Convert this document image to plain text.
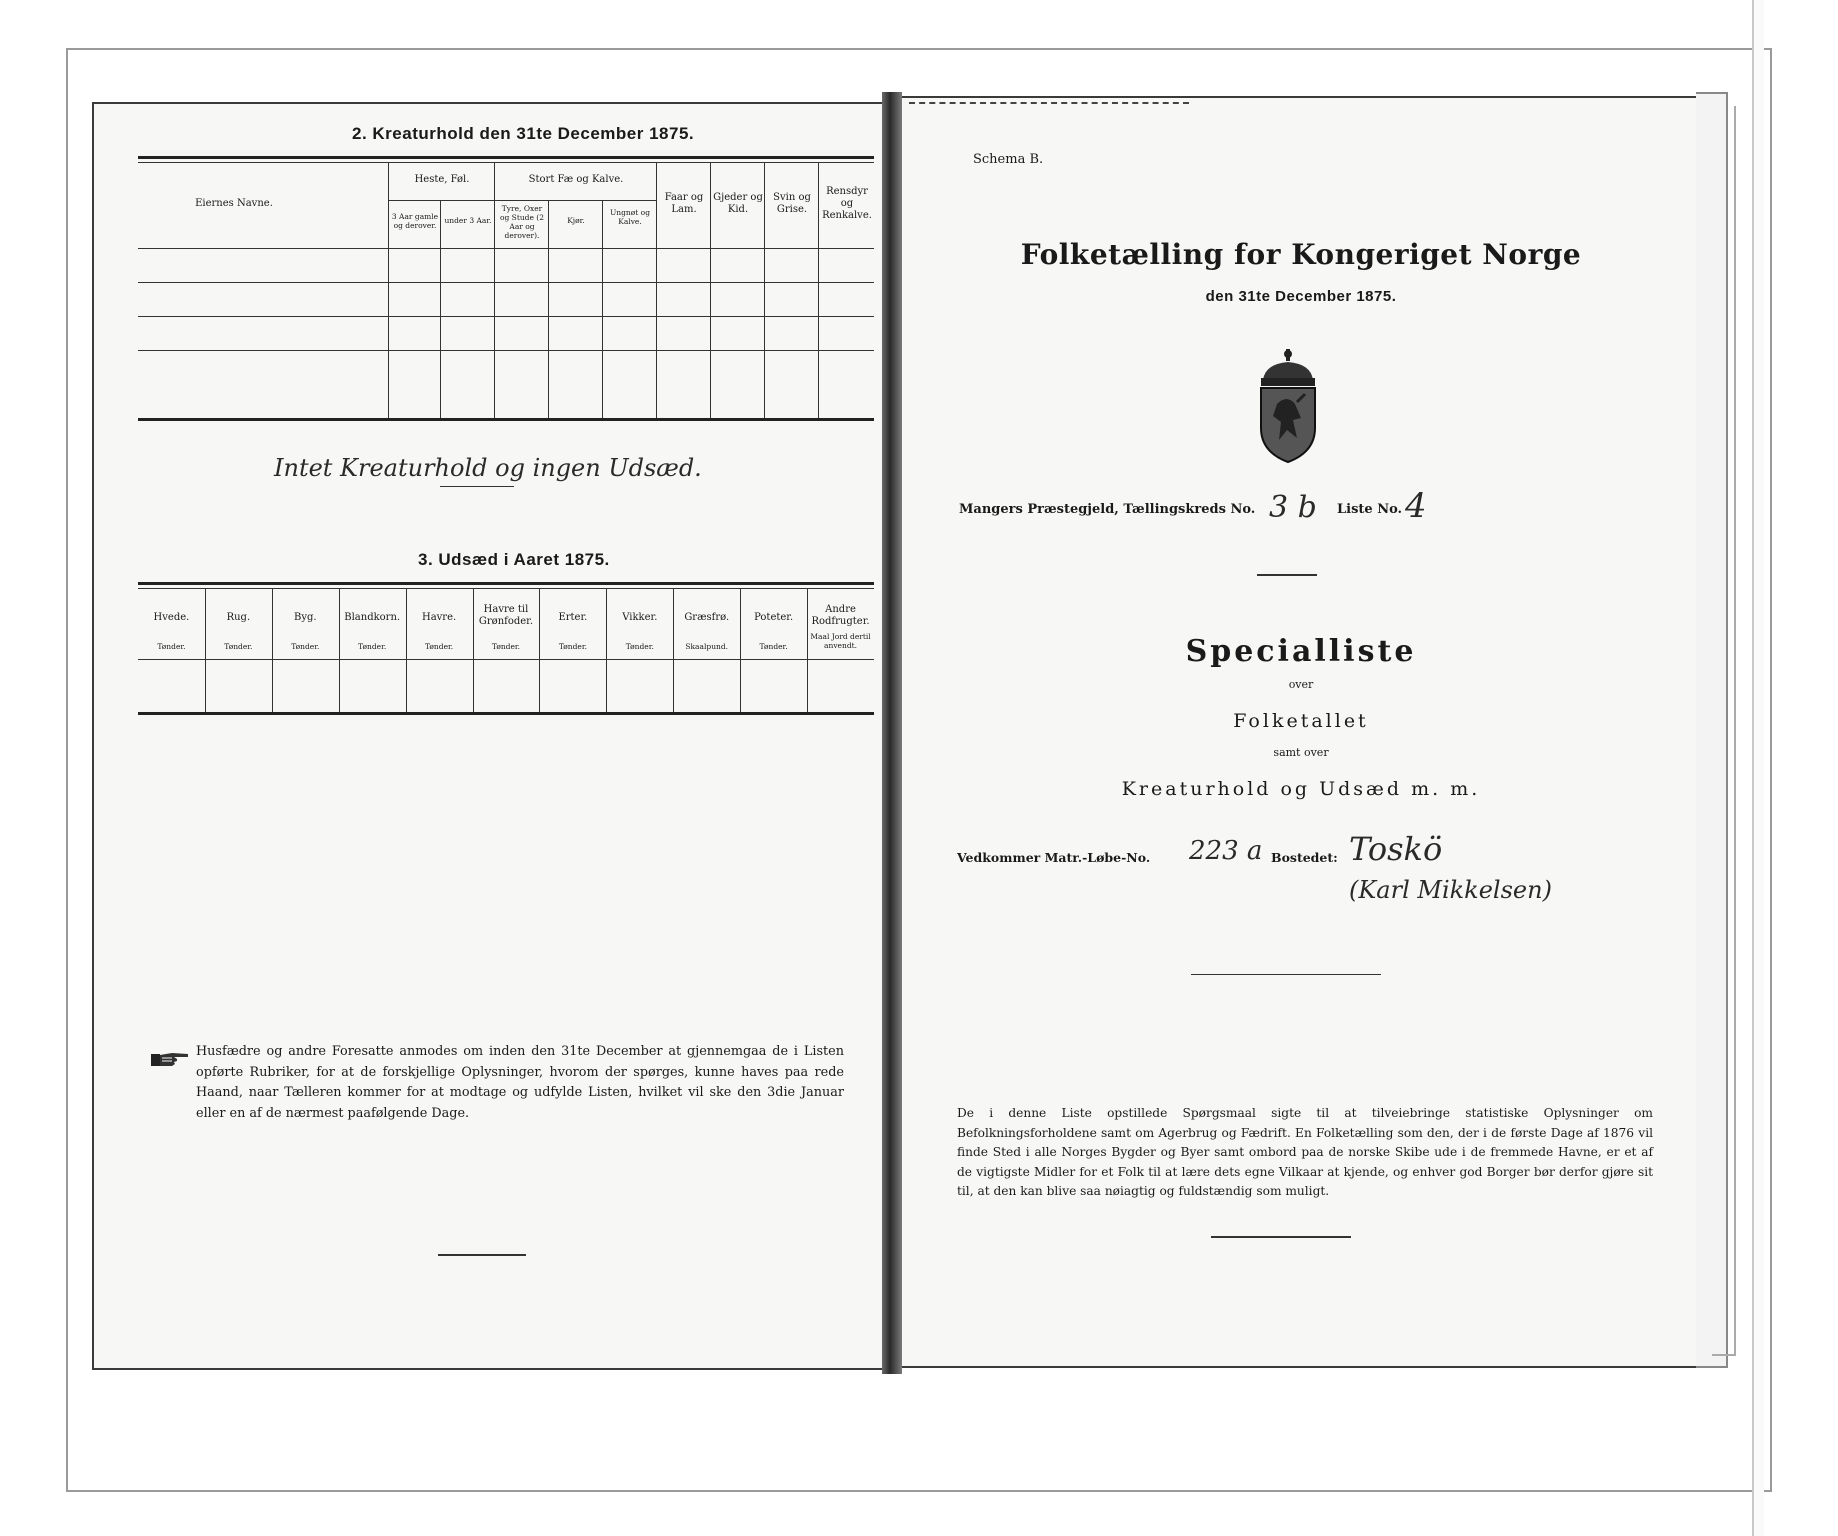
2. Kreaturhold den 31te December 1875.
Eiernes Navne.
Heste, Føl.
3 Aar gamle og derover.
under 3 Aar.
Stort Fæ og Kalve.
Tyre, Oxer og Stude (2 Aar og derover).
Kjør.
Ungnøt og Kalve.
Faar og Lam.
Gjeder og Kid.
Svin og Grise.
Rensdyr og Renkalve.
Intet Kreaturhold og ingen Udsæd.
3. Udsæd i Aaret 1875.
Hvede.
Tønder.
Rug.
Tønder.
Byg.
Tønder.
Blandkorn.
Tønder.
Havre.
Tønder.
Havre til Grønfoder.
Tønder.
Erter.
Tønder.
Vikker.
Tønder.
Græsfrø.
Skaalpund.
Poteter.
Tønder.
Andre Rodfrugter.
Maal Jord dertil anvendt.
Husfædre og andre Foresatte anmodes om inden den 31te December at gjennemgaa de i Listen opførte Rubriker, for at de forskjellige Oplysninger, hvorom der spørges, kunne haves paa rede Haand, naar Tælleren kommer for at modtage og udfylde Listen, hvilket vil ske den 3die Januar eller en af de nærmest paafølgende Dage.
Schema B.
Folketælling for Kongeriget Norge
den 31te December 1875.
Mangers Præstegjeld, Tællingskreds No. 3 b Liste No. 4
Specialliste
over
Folketallet
samt over
Kreaturhold og Udsæd m. m.
Vedkommer Matr.-Løbe-No. 223 a Bostedet: Toskö
(Karl Mikkelsen)
De i denne Liste opstillede Spørgsmaal sigte til at tilveiebringe statistiske Oplysninger om Befolkningsforholdene samt om Agerbrug og Fædrift. En Folketælling som den, der i de første Dage af 1876 vil finde Sted i alle Norges Bygder og Byer samt ombord paa de norske Skibe ude i de fremmede Havne, er et af de vigtigste Midler for et Folk til at lære dets egne Vilkaar at kjende, og enhver god Borger bør derfor gjøre sit til, at den kan blive saa nøiagtig og fuldstændig som muligt.
